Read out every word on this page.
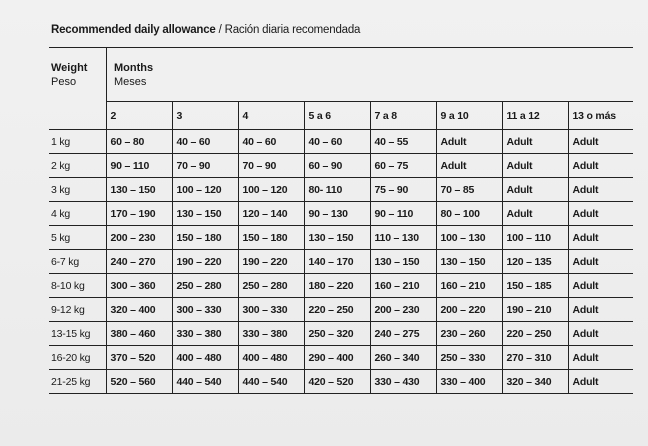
Recommended daily allowance / Ración diaria recomendada
Weight
Peso
Months
Meses
	2	3	4	5 a 6	7 a 8	9 a 10	11 a 12	13 o más
1 kg	60 – 80	40 – 60	40 – 60	40 – 60	40 – 55	Adult	Adult	Adult
2 kg	90 – 110	70 – 90	70 – 90	60 – 90	60 – 75	Adult	Adult	Adult
3 kg	130 – 150	100 – 120	100 – 120	80- 110	75 – 90	70 – 85	Adult	Adult
4 kg	170 – 190	130 – 150	120 – 140	90 – 130	90 – 110	80 – 100	Adult	Adult
5 kg	200 – 230	150 – 180	150 – 180	130 – 150	110 – 130	100 – 130	100 – 110	Adult
6-7 kg	240 – 270	190 – 220	190 – 220	140 – 170	130 – 150	130 – 150	120 – 135	Adult
8-10 kg	300 – 360	250 – 280	250 – 280	180 – 220	160 – 210	160 – 210	150 – 185	Adult
9-12 kg	320 – 400	300 – 330	300 – 330	220 – 250	200 – 230	200 – 220	190 – 210	Adult
13-15 kg	380 – 460	330 – 380	330 – 380	250 – 320	240 – 275	230 – 260	220 – 250	Adult
16-20 kg	370 – 520	400 – 480	400 – 480	290 – 400	260 – 340	250 – 330	270 – 310	Adult
21-25 kg	520 – 560	440 – 540	440 – 540	420 – 520	330 – 430	330 – 400	320 – 340	Adult
